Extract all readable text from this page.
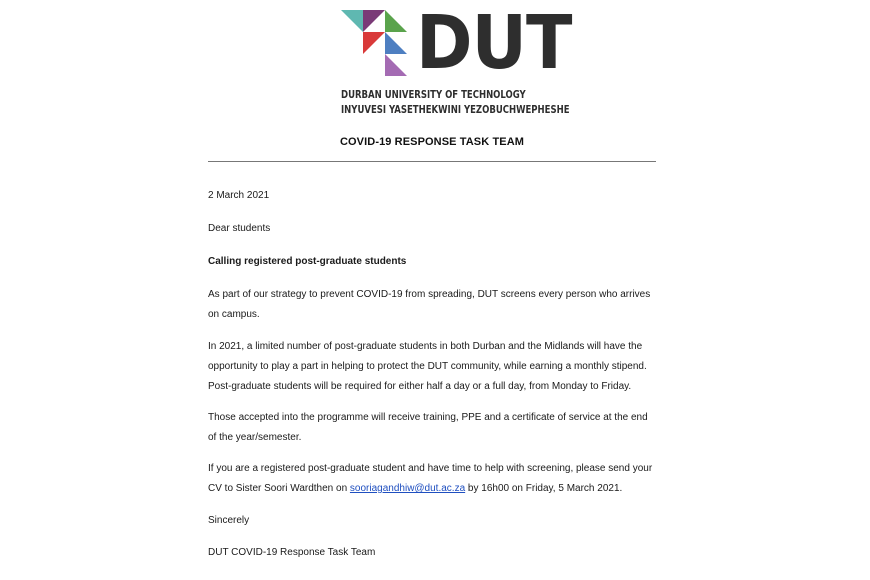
DUT
DURBAN UNIVERSITY OF TECHNOLOGY
INYUVESI YASETHEKWINI YEZOBUCHWEPHESHE
COVID-19 RESPONSE TASK TEAM
2 March 2021
Dear students
Calling registered post-graduate students
As part of our strategy to prevent COVID-19 from spreading, DUT screens every person who arrives on campus.
In 2021, a limited number of post-graduate students in both Durban and the Midlands will have the opportunity to play a part in helping to protect the DUT community, while earning a monthly stipend. Post-graduate students will be required for either half a day or a full day, from Monday to Friday.
Those accepted into the programme will receive training, PPE and a certificate of service at the end of the year/semester.
If you are a registered post-graduate student and have time to help with screening, please send your CV to Sister Soori Wardthen on sooriagandhiw@dut.ac.za by 16h00 on Friday, 5 March 2021.
Sincerely
DUT COVID-19 Response Task Team
